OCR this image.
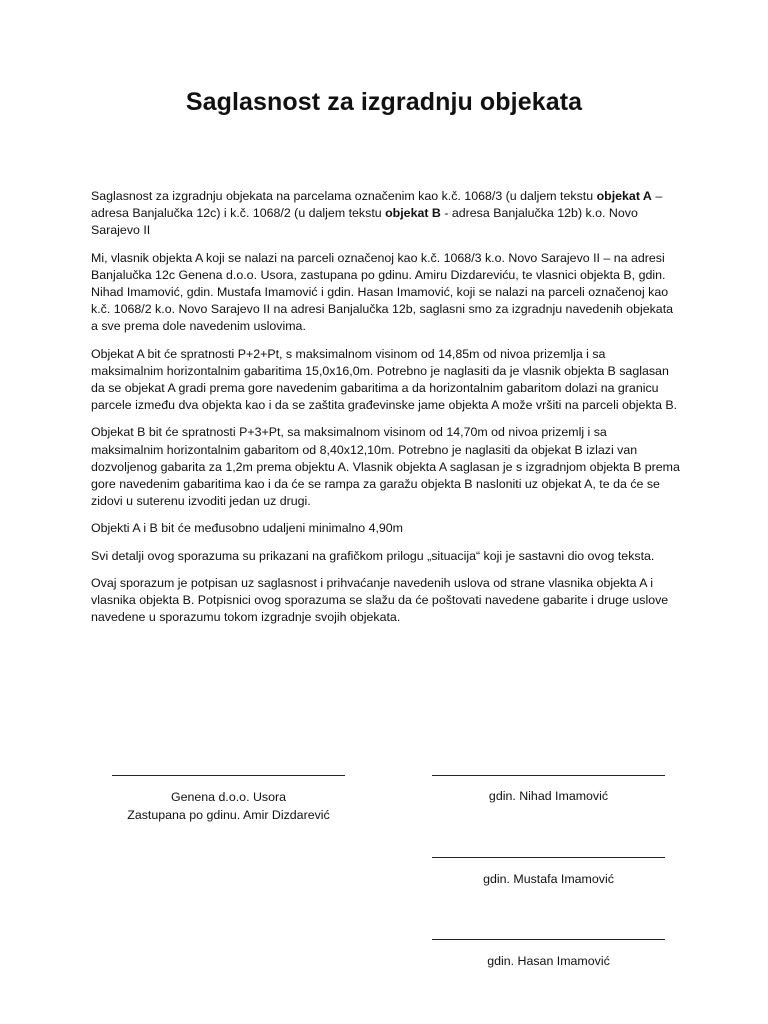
Saglasnost za izgradnju objekata

Saglasnost za izgradnju objekata na parcelama označenim kao k.č. 1068/3 (u daljem tekstu objekat A – adresa Banjalučka 12c) i k.č. 1068/2 (u daljem tekstu objekat B - adresa Banjalučka 12b) k.o. Novo Sarajevo II

Mi, vlasnik objekta A koji se nalazi na parceli označenoj kao k.č. 1068/3 k.o. Novo Sarajevo II – na adresi Banjalučka 12c Genena d.o.o. Usora, zastupana po gdinu. Amiru Dizdareviću, te vlasnici objekta B, gdin. Nihad Imamović, gdin. Mustafa Imamović i gdin. Hasan Imamović, koji se nalazi na parceli označenoj kao k.č. 1068/2 k.o. Novo Sarajevo II na adresi Banjalučka 12b, saglasni smo za izgradnju navedenih objekata a sve prema dole navedenim uslovima.

Objekat A bit će spratnosti P+2+Pt, s maksimalnom visinom od 14,85m od nivoa prizemlja i sa maksimalnim horizontalnim gabaritima 15,0x16,0m. Potrebno je naglasiti da je vlasnik objekta B saglasan da se objekat A gradi prema gore navedenim gabaritima a da horizontalnim gabaritom dolazi na granicu parcele između dva objekta kao i da se zaštita građevinske jame objekta A može vršiti na parceli objekta B.

Objekat B bit će spratnosti P+3+Pt, sa maksimalnom visinom od 14,70m od nivoa prizemlj i sa maksimalnim horizontalnim gabaritom od 8,40x12,10m. Potrebno je naglasiti da objekat B izlazi van dozvoljenog gabarita za 1,2m prema objektu A. Vlasnik objekta A saglasan je s izgradnjom objekta B prema gore navedenim gabaritima kao i da će se rampa za garažu objekta B nasloniti uz objekat A, te da će se zidovi u suterenu izvoditi jedan uz drugi.

Objekti A i B bit će međusobno udaljeni minimalno 4,90m

Svi detalji ovog sporazuma su prikazani na grafičkom prilogu „situacija“ koji je sastavni dio ovog teksta.

Ovaj sporazum je potpisan uz saglasnost i prihvaćanje navedenih uslova od strane vlasnika objekta A i vlasnika objekta B. Potpisnici ovog sporazuma se slažu da će poštovati navedene gabarite i druge uslove navedene u sporazumu tokom izgradnje svojih objekata.

Genena d.o.o. Usora
Zastupana po gdinu. Amir Dizdarević
gdin. Nihad Imamović
gdin. Mustafa Imamović
gdin. Hasan Imamović
